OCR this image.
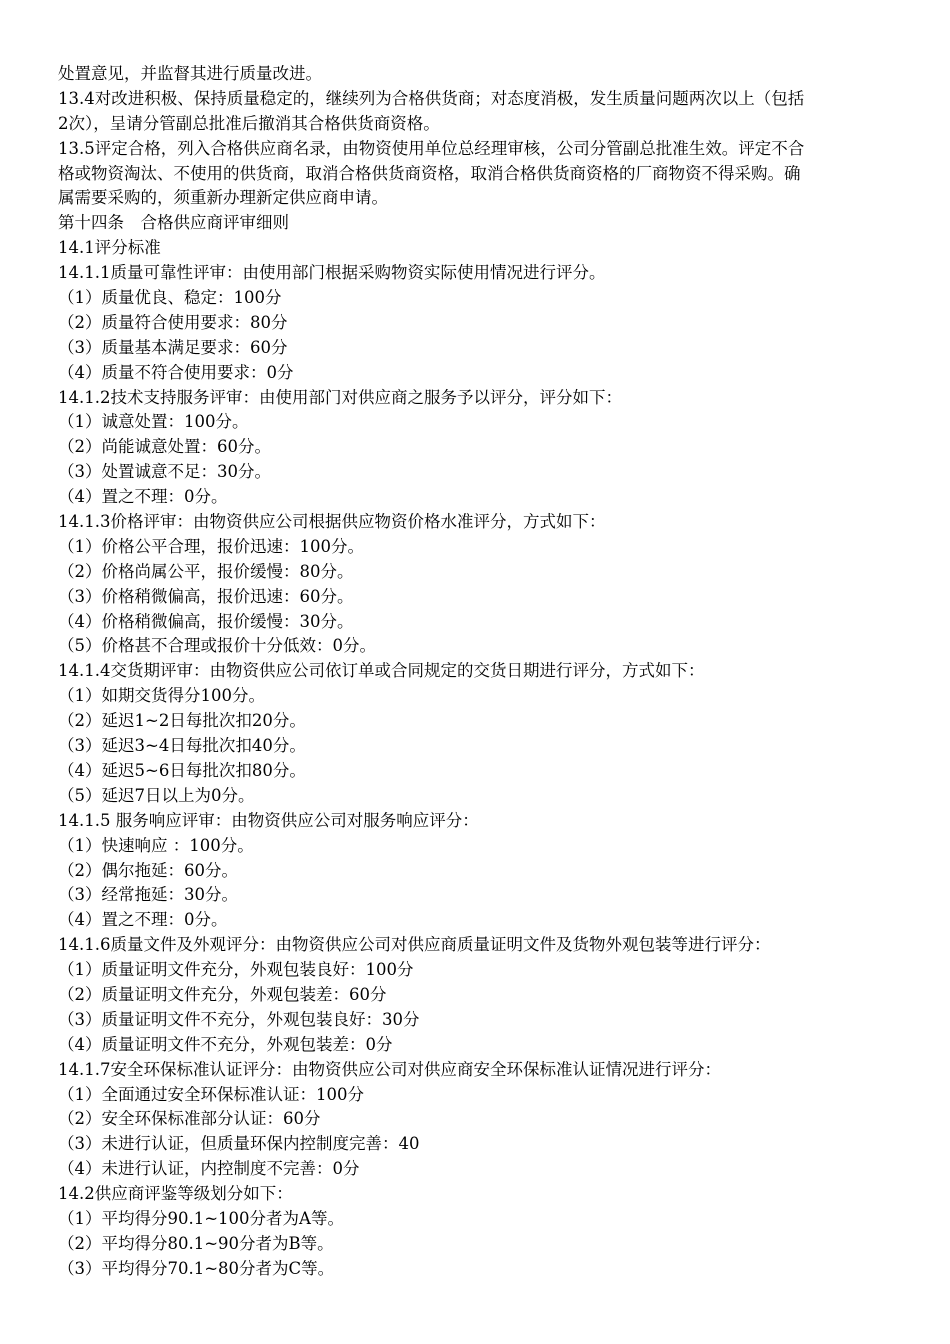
处置意见，并监督其进行质量改进。
13.4对改进积极、保持质量稳定的，继续列为合格供货商；对态度消极，发生质量问题两次以上（包括
2次），呈请分管副总批准后撤消其合格供货商资格。
13.5评定合格，列入合格供应商名录，由物资使用单位总经理审核，公司分管副总批准生效。评定不合
格或物资淘汰、不使用的供货商，取消合格供货商资格，取消合格供货商资格的厂商物资不得采购。确
属需要采购的，须重新办理新定供应商申请。
第十四条　合格供应商评审细则
14.1评分标准
14.1.1质量可靠性评审：由使用部门根据采购物资实际使用情况进行评分。
（1）质量优良、稳定：100分
（2）质量符合使用要求：80分
（3）质量基本满足要求：60分
（4）质量不符合使用要求：0分
14.1.2技术支持服务评审：由使用部门对供应商之服务予以评分，评分如下：
（1）诚意处置：100分。
（2）尚能诚意处置：60分。
（3）处置诚意不足：30分。
（4）置之不理：0分。
14.1.3价格评审：由物资供应公司根据供应物资价格水准评分，方式如下：
（1）价格公平合理，报价迅速：100分。
（2）价格尚属公平，报价缓慢：80分。
（3）价格稍微偏高，报价迅速：60分。
（4）价格稍微偏高，报价缓慢：30分。
（5）价格甚不合理或报价十分低效：0分。
14.1.4交货期评审：由物资供应公司依订单或合同规定的交货日期进行评分，方式如下：
（1）如期交货得分100分。
（2）延迟1~2日每批次扣20分。
（3）延迟3~4日每批次扣40分。
（4）延迟5~6日每批次扣80分。
（5）延迟7日以上为0分。
14.1.5 服务响应评审：由物资供应公司对服务响应评分：
（1）快速响应 ：100分。
（2）偶尔拖延：60分。
（3）经常拖延：30分。
（4）置之不理：0分。
14.1.6质量文件及外观评分：由物资供应公司对供应商质量证明文件及货物外观包装等进行评分：
（1）质量证明文件充分，外观包装良好：100分
（2）质量证明文件充分，外观包装差：60分
（3）质量证明文件不充分，外观包装良好：30分
（4）质量证明文件不充分，外观包装差：0分
14.1.7安全环保标准认证评分：由物资供应公司对供应商安全环保标准认证情况进行评分：
（1）全面通过安全环保标准认证：100分
（2）安全环保标准部分认证：60分
（3）未进行认证，但质量环保内控制度完善：40
（4）未进行认证，内控制度不完善：0分
14.2供应商评鉴等级划分如下：
（1）平均得分90.1~100分者为A等。
（2）平均得分80.1~90分者为B等。
（3）平均得分70.1~80分者为C等。
